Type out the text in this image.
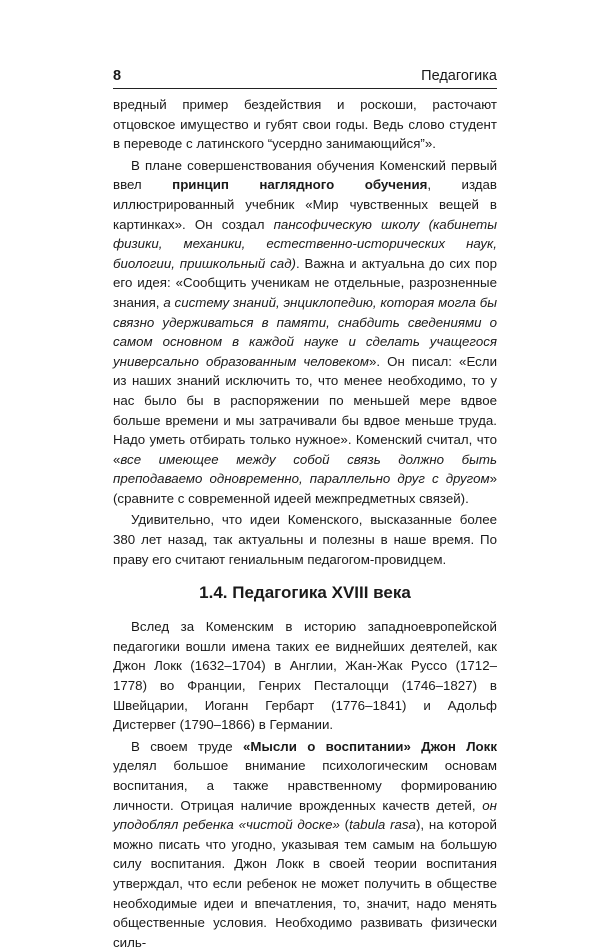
8	Педагогика

вредный пример бездействия и роскоши, расточают отцовское имущество и губят свои годы. Ведь слово студент в переводе с латинского “усердно занимающийся”».

В плане совершенствования обучения Коменский первый ввел принцип наглядного обучения, издав иллюстрированный учебник «Мир чувственных вещей в картинках». Он создал пансофическую школу (кабинеты физики, механики, естественно-исторических наук, биологии, пришкольный сад). Важна и актуальна до сих пор его идея: «Сообщить ученикам не отдельные, разрозненные знания, а систему знаний, энциклопедию, которая могла бы связно удерживаться в памяти, снабдить сведениями о самом основном в каждой науке и сделать учащегося универсально образованным человеком». Он писал: «Если из наших знаний исключить то, что менее необходимо, то у нас было бы в распоряжении по меньшей мере вдвое больше времени и мы затрачивали бы вдвое меньше труда. Надо уметь отбирать только нужное». Коменский считал, что «все имеющее между собой связь должно быть преподаваемо одновременно, параллельно друг с другом» (сравните с современной идеей межпредметных связей).

Удивительно, что идеи Коменского, высказанные более 380 лет назад, так актуальны и полезны в наше время. По праву его считают гениальным педагогом-провидцем.

1.4. Педагогика XVIII века

Вслед за Коменским в историю западноевропейской педагогики вошли имена таких ее виднейших деятелей, как Джон Локк (1632–1704) в Англии, Жан-Жак Руссо (1712–1778) во Франции, Генрих Песталоцци (1746–1827) в Швейцарии, Иоганн Гербарт (1776–1841) и Адольф Дистервег (1790–1866) в Германии.

В своем труде «Мысли о воспитании» Джон Локк уделял большое внимание психологическим основам воспитания, а также нравственному формированию личности. Отрицая наличие врожденных качеств детей, он уподоблял ребенка «чистой доске» (tabula rasa), на которой можно писать что угодно, указывая тем самым на большую силу воспитания. Джон Локк в своей теории воспитания утверждал, что если ребенок не может получить в обществе необходимые идеи и впечатления, то, значит, надо менять общественные условия. Необходимо развивать физически силь-
